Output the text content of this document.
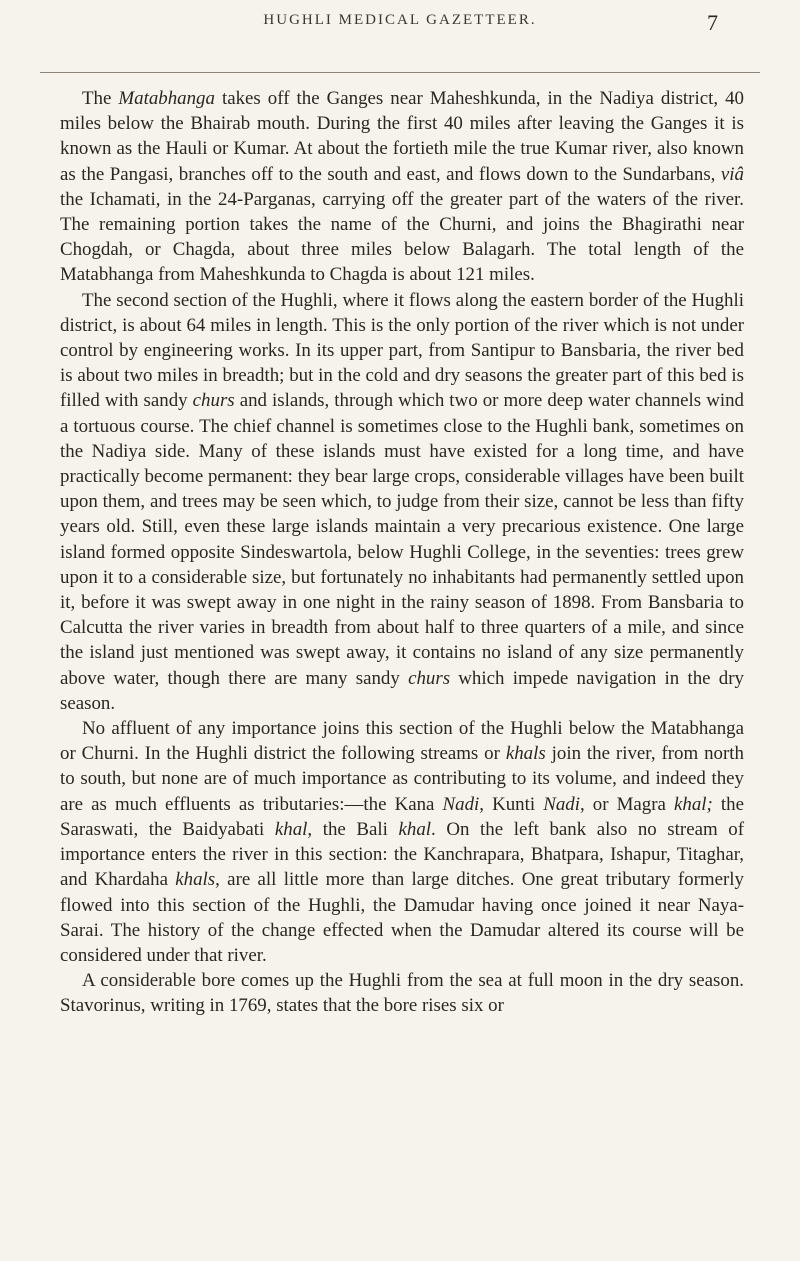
HUGHLI MEDICAL GAZETTEER.	7

The Matabhanga takes off the Ganges near Maheshkunda, in the Nadiya district, 40 miles below the Bhairab mouth. During the first 40 miles after leaving the Ganges it is known as the Hauli or Kumar. At about the fortieth mile the true Kumar river, also known as the Pangasi, branches off to the south and east, and flows down to the Sundarbans, viâ the Ichamati, in the 24-Parganas, carrying off the greater part of the waters of the river. The remaining portion takes the name of the Churni, and joins the Bhagirathi near Chogdah, or Chagda, about three miles below Balagarh. The total length of the Matabhanga from Maheshkunda to Chagda is about 121 miles.

The second section of the Hughli, where it flows along the eastern border of the Hughli district, is about 64 miles in length. This is the only portion of the river which is not under control by engineering works. In its upper part, from Santipur to Bansbaria, the river bed is about two miles in breadth; but in the cold and dry seasons the greater part of this bed is filled with sandy churs and islands, through which two or more deep water channels wind a tortuous course. The chief channel is sometimes close to the Hughli bank, sometimes on the Nadiya side. Many of these islands must have existed for a long time, and have practically become permanent: they bear large crops, considerable villages have been built upon them, and trees may be seen which, to judge from their size, cannot be less than fifty years old. Still, even these large islands maintain a very precarious existence. One large island formed opposite Sindeswartola, below Hughli College, in the seventies: trees grew upon it to a considerable size, but fortunately no inhabitants had permanently settled upon it, before it was swept away in one night in the rainy season of 1898. From Bansbaria to Calcutta the river varies in breadth from about half to three quarters of a mile, and since the island just mentioned was swept away, it contains no island of any size permanently above water, though there are many sandy churs which impede navigation in the dry season.

No affluent of any importance joins this section of the Hughli below the Matabhanga or Churni. In the Hughli district the following streams or khals join the river, from north to south, but none are of much importance as contributing to its volume, and indeed they are as much effluents as tributaries:—the Kana Nadi, Kunti Nadi, or Magra khal; the Saraswati, the Baidyabati khal, the Bali khal. On the left bank also no stream of importance enters the river in this section: the Kanchrapara, Bhatpara, Ishapur, Titaghar, and Khardaha khals, are all little more than large ditches. One great tributary formerly flowed into this section of the Hughli, the Damudar having once joined it near Naya-Sarai. The history of the change effected when the Damudar altered its course will be considered under that river.

A considerable bore comes up the Hughli from the sea at full moon in the dry season. Stavorinus, writing in 1769, states that the bore rises six or
